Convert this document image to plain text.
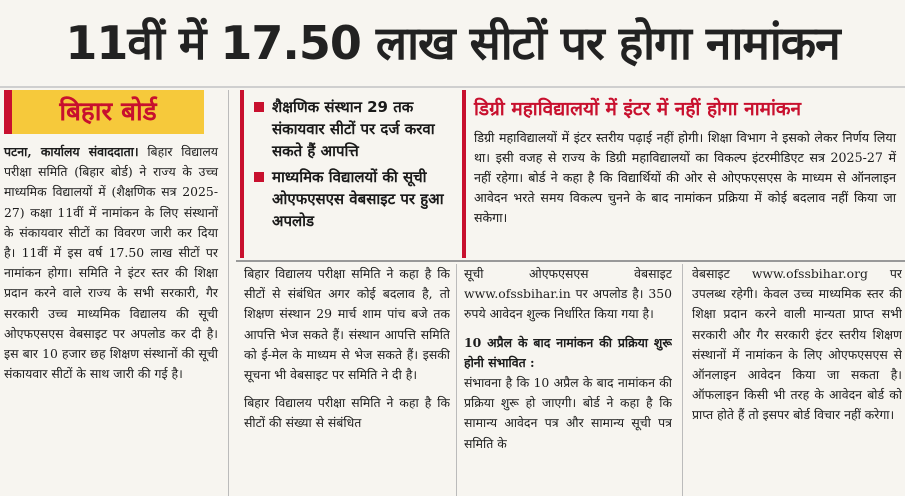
11वीं में 17.50 लाख सीटों पर होगा नामांकन
बिहार बोर्ड
पटना, कार्यालय संवाददाता। बिहार विद्यालय परीक्षा समिति (बिहार बोर्ड) ने राज्य के उच्च माध्यमिक विद्यालयों में (शैक्षणिक सत्र 2025-27) कक्षा 11वीं में नामांकन के लिए संस्थानों के संकायवार सीटों का विवरण जारी कर दिया है। 11वीं में इस वर्ष 17.50 लाख सीटों पर नामांकन होगा। समिति ने इंटर स्तर की शिक्षा प्रदान करने वाले राज्य के सभी सरकारी, गैर सरकारी उच्च माध्यमिक विद्यालय की सूची ओएफएसएस वेबसाइट पर अपलोड कर दी है। इस बार 10 हजार छह शिक्षण संस्थानों की सूची संकायवार सीटों के साथ जारी की गई है।
शैक्षणिक संस्थान 29 तक संकायवार सीटों पर दर्ज करवा सकते हैं आपत्ति
माध्यमिक विद्यालयों की सूची ओएफएसएस वेबसाइट पर हुआ अपलोड
डिग्री महाविद्यालयों में इंटर में नहीं होगा नामांकन
डिग्री महाविद्यालयों में इंटर स्तरीय पढ़ाई नहीं होगी। शिक्षा विभाग ने इसको लेकर निर्णय लिया था। इसी वजह से राज्य के डिग्री महाविद्यालयों का विकल्प इंटरमीडिएट सत्र 2025-27 में नहीं रहेगा। बोर्ड ने कहा है कि विद्यार्थियों की ओर से ओएफएसएस के माध्यम से ऑनलाइन आवेदन भरते समय विकल्प चुनने के बाद नामांकन प्रक्रिया में कोई बदलाव नहीं किया जा सकेगा।
बिहार विद्यालय परीक्षा समिति ने कहा है कि सीटों से संबंधित अगर कोई बदलाव है, तो शिक्षण संस्थान 29 मार्च शाम पांच बजे तक आपत्ति भेज सकते हैं। संस्थान आपत्ति समिति को ई-मेल के माध्यम से भेज सकते हैं। इसकी सूचना भी वेबसाइट पर समिति ने दी है।
बिहार विद्यालय परीक्षा समिति ने कहा है कि सीटों की संख्या से संबंधित
सूची ओएफएसएस वेबसाइट www.ofssbihar.in पर अपलोड है। 350 रुपये आवेदन शुल्क निर्धारित किया गया है।
10 अप्रैल के बाद नामांकन की प्रक्रिया शुरू होनी संभावित :
संभावना है कि 10 अप्रैल के बाद नामांकन की प्रक्रिया शुरू हो जाएगी। बोर्ड ने कहा है कि सामान्य आवेदन पत्र और सामान्य सूची पत्र समिति के
वेबसाइट www.ofssbihar.org पर उपलब्ध रहेगी। केवल उच्च माध्यमिक स्तर की शिक्षा प्रदान करने वाली मान्यता प्राप्त सभी सरकारी और गैर सरकारी इंटर स्तरीय शिक्षण संस्थानों में नामांकन के लिए ओएफएसएस से ऑनलाइन आवेदन किया जा सकता है। ऑफलाइन किसी भी तरह के आवेदन बोर्ड को प्राप्त होते हैं तो इसपर बोर्ड विचार नहीं करेगा।
